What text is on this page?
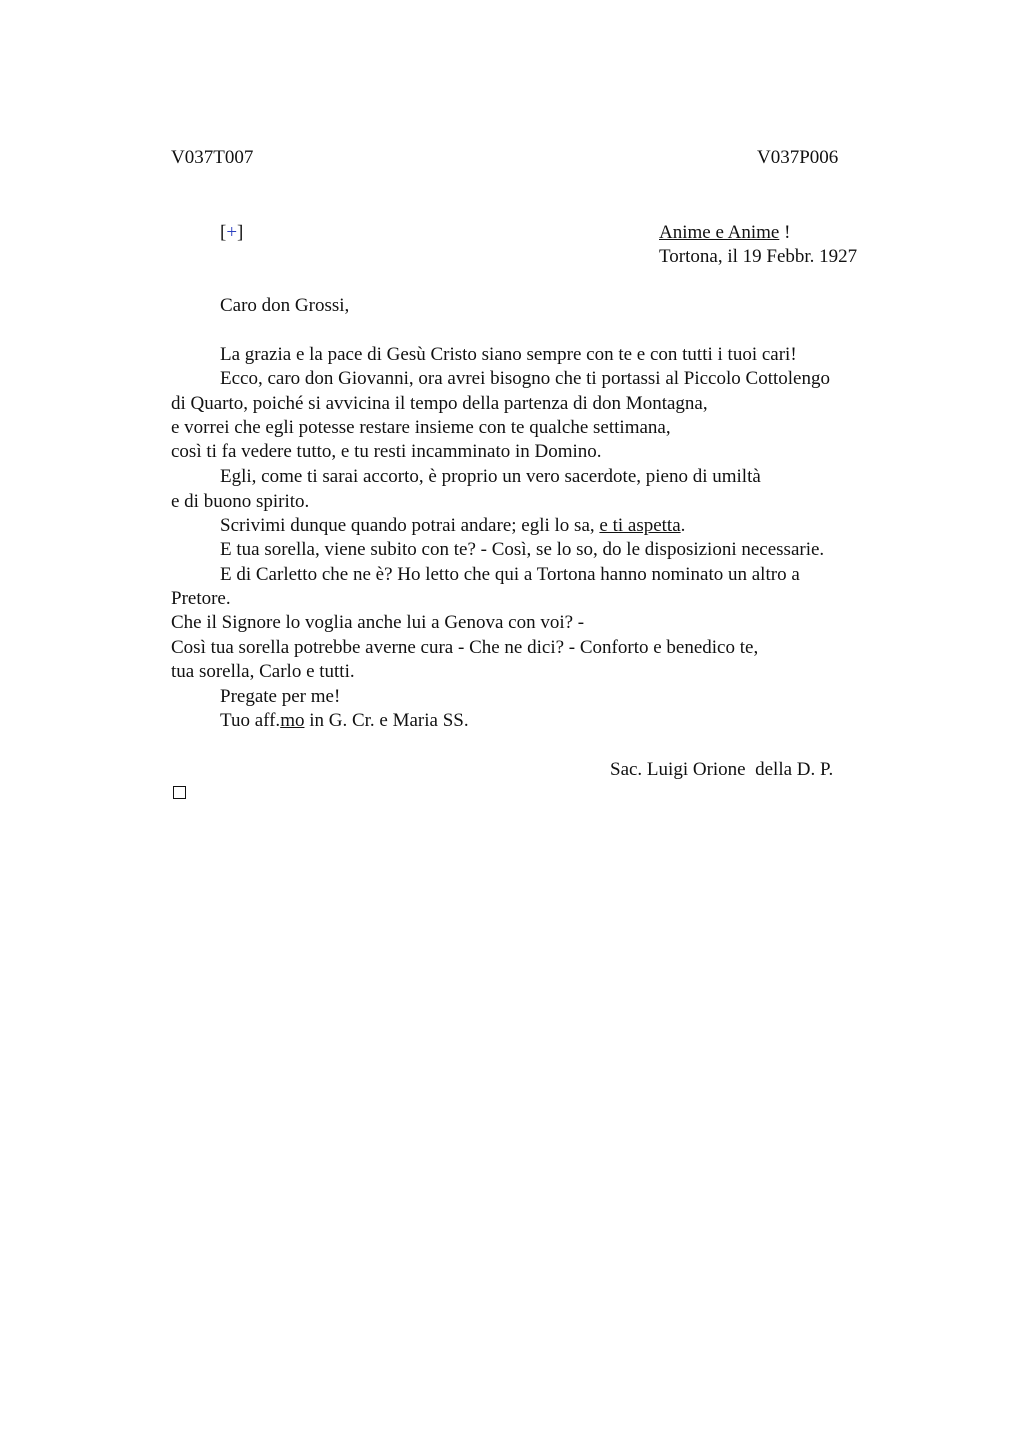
V037T007	V037P006
[+]	Anime e Anime !
Tortona, il 19 Febbr. 1927
Caro don Grossi,
La grazia e la pace di Gesù Cristo siano sempre con te e con tutti i tuoi cari!
Ecco, caro don Giovanni, ora avrei bisogno che ti portassi al Piccolo Cottolengo
di Quarto, poiché si avvicina il tempo della partenza di don Montagna,
e vorrei che egli potesse restare insieme con te qualche settimana,
così ti fa vedere tutto, e tu resti incamminato in Domino.
Egli, come ti sarai accorto, è proprio un vero sacerdote, pieno di umiltà
e di buono spirito.
Scrivimi dunque quando potrai andare; egli lo sa, e ti aspetta.
E tua sorella, viene subito con te? - Così, se lo so, do le disposizioni necessarie.
E di Carletto che ne è? Ho letto che qui a Tortona hanno nominato un altro a
Pretore.
Che il Signore lo voglia anche lui a Genova con voi? -
Così tua sorella potrebbe averne cura - Che ne dici? - Conforto e benedico te,
tua sorella, Carlo e tutti.
Pregate per me!
Tuo aff.mo in G. Cr. e Maria SS.
Sac. Luigi Orione  della D. P.
